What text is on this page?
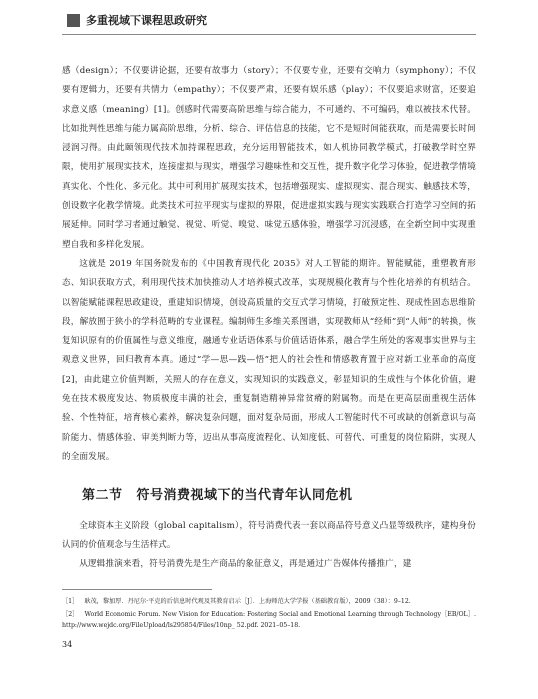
多重视域下课程思政研究

感（design）；不仅要讲论据，还要有故事力（story）；不仅要专业，还要有交响力（symphony）；不仅要有逻辑力，还要有共情力（empathy）；不仅要严肃，还要有娱乐感（play）；不仅要追求财富，还要追求意义感（meaning）[1]。创感时代需要高阶思维与综合能力，不可通约、不可编码，难以被技术代替。比如批判性思维与能力属高阶思维，分析、综合、评估信息的技能，它不是短时间能获取，而是需要长时间浸润习得。由此颐领现代技术加持课程思政，充分运用智能技术，如人机协同教学模式，打破教学时空界限，使用扩展现实技术，连接虚拟与现实，增强学习趣味性和交互性，提升数字化学习体验，促进教学情境真实化、个性化、多元化。其中可利用扩展现实技术，包括增强现实、虚拟现实、混合现实、触感技术等，创设数字化教学情境。此类技术可拉平现实与虚拟的界限，促进虚拟实践与现实实践联合打造学习空间的拓展延伸。同时学习者通过触觉、视觉、听觉、嗅觉、味觉五感体验，增强学习沉浸感，在全新空间中实现重塑自我和多样化发展。

这就是 2019 年国务院发布的《中国教育现代化 2035》对人工智能的期许。智能赋能，重塑教育形态、知识获取方式，利用现代技术加快推动人才培养模式改革，实现规模化教育与个性化培养的有机结合。以智能赋能课程思政建设，重建知识情境，创设高质量的交互式学习情境，打破预定性、现成性固态思维阶段，解放囿于狭小的学科范畴的专业课程。编制师生多维关系图谱，实现教师从“经师”到“人师”的转换，恢复知识原有的价值属性与意义维度，融通专业话语体系与价值话语体系，融合学生所处的客观事实世界与主观意义世界，回归教育本真。通过“学—思—践—悟”把人的社会性和情感教育置于应对新工业革命的高度[2]，由此建立价值判断，关照人的存在意义，实现知识的实践意义，彰显知识的生成性与个体化价值，避免在技术极度发达、物质极度丰满的社会，重复制造精神异常贫瘠的附属物。而是在更高层面重视生活体验、个性特征，培育核心素养，解决复杂问题，面对复杂局面，形成人工智能时代不可或缺的创新意识与高阶能力、情感体验、审美判断力等，迈出从事高度流程化、认知度低、可替代、可重复的岗位陷阱，实现人的全面发展。

第二节 符号消费视域下的当代青年认同危机

全球资本主义阶段（global capitalism），符号消费代表一套以商品符号意义凸显等级秩序，建构身份认同的价值观念与生活样式。

从逻辑推演来看，符号消费先是生产商品的象征意义，再是通过广告媒体传播推广，建

［1］ 耿茂，黎加厚．丹尼尔·平克的后信息时代观及其教育启示［J］．上海师范大学学报（基础教育版），2009（38）：9–12.

［2］ World Economic Forum. New Vision for Education: Fostering Social and Emotional Learning through Technology［EB/OL］. http://www.wejdc.org/FileUpload/ls295854/Files/10np_ 52.pdf. 2021–05–18.

34
